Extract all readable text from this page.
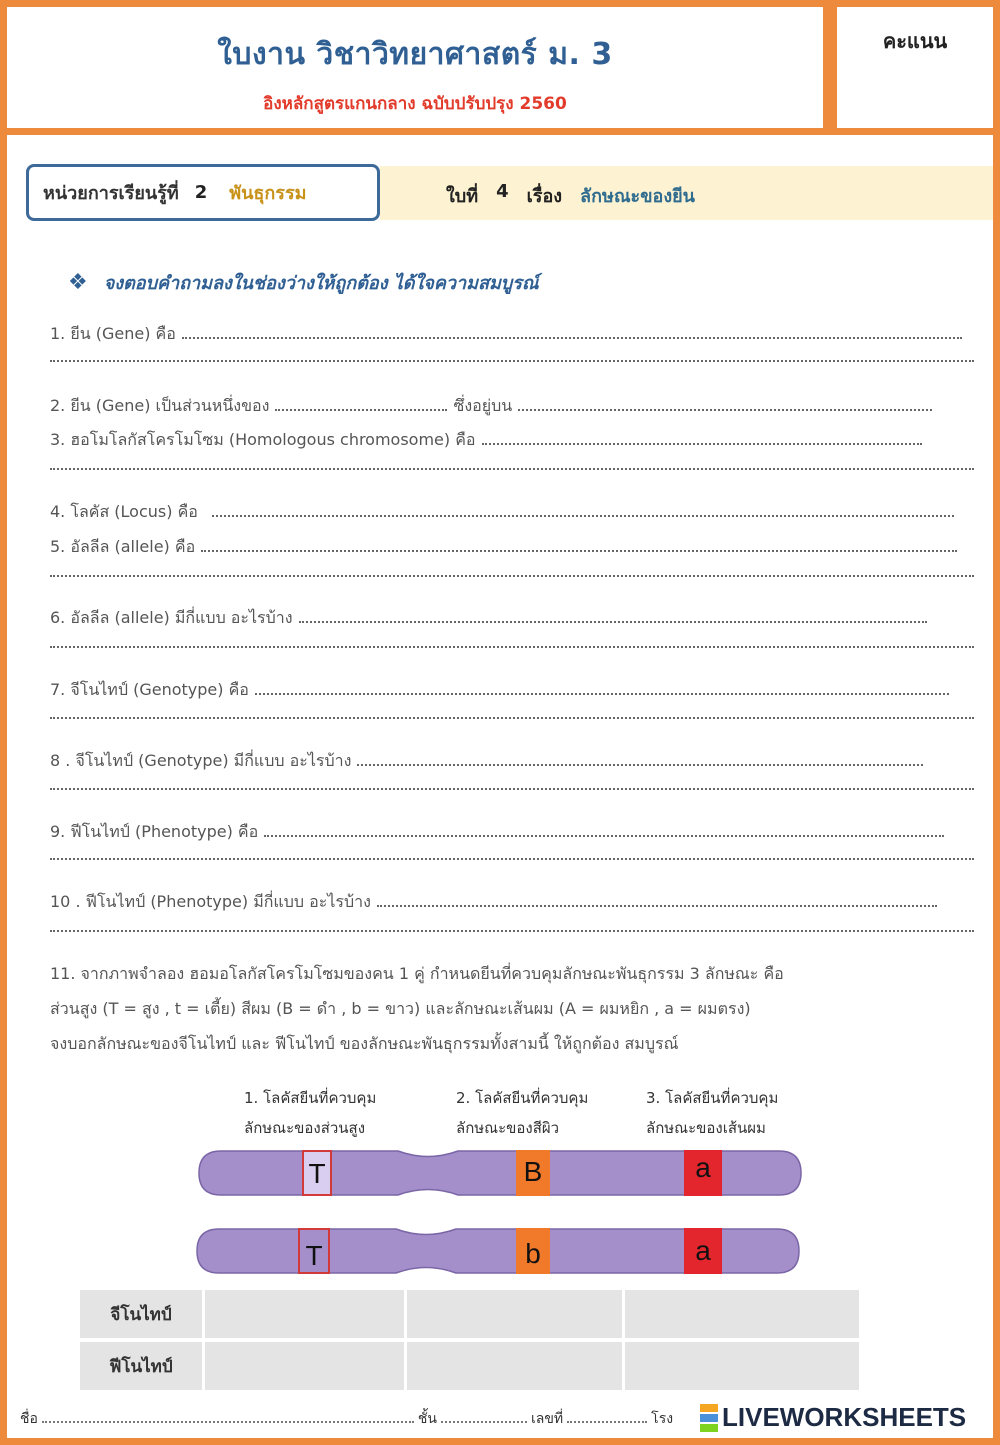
ใบงาน วิชาวิทยาศาสตร์ ม. 3
อิงหลักสูตรแกนกลาง ฉบับปรับปรุง 2560
คะแนน
หน่วยการเรียนรู้ที่ 2 พันธุกรรม	ใบที่ 4 เรื่อง ลักษณะของยีน
❖ จงตอบคำถามลงในช่องว่างให้ถูกต้อง ได้ใจความสมบูรณ์
1. ยีน (Gene) คือ
2. ยีน (Gene) เป็นส่วนหนึ่งของ	ซึ่งอยู่บน
3. ฮอโมโลกัสโครโมโซม (Homologous chromosome) คือ
4. โลคัส (Locus) คือ
5. อัลลีล (allele) คือ
6. อัลลีล (allele) มีกี่แบบ อะไรบ้าง
7. จีโนไทป์ (Genotype) คือ
8 . จีโนไทป์ (Genotype) มีกี่แบบ อะไรบ้าง
9. ฟีโนไทป์ (Phenotype) คือ
10 . ฟีโนไทป์ (Phenotype) มีกี่แบบ อะไรบ้าง
11. จากภาพจำลอง ฮอมอโลกัสโครโมโซมของคน 1 คู่ กำหนดยีนที่ควบคุมลักษณะพันธุกรรม 3 ลักษณะ คือ
ส่วนสูง (T = สูง , t = เตี้ย) สีผม (B = ดำ , b = ขาว) และลักษณะเส้นผม (A = ผมหยิก , a = ผมตรง)
จงบอกลักษณะของจีโนไทป์ และ ฟีโนไทป์ ของลักษณะพันธุกรรมทั้งสามนี้ ให้ถูกต้อง สมบูรณ์
1. โลคัสยีนที่ควบคุม
ลักษณะของส่วนสูง
2. โลคัสยีนที่ควบคุม
ลักษณะของสีผิว
3. โลคัสยีนที่ควบคุม
ลักษณะของเส้นผม
T	B	a
T	b	a
จีโนไทป์			
ฟีโนไทป์			
ชื่อ	ชั้น	เลขที่	โรง LIVEWORKSHEETS
